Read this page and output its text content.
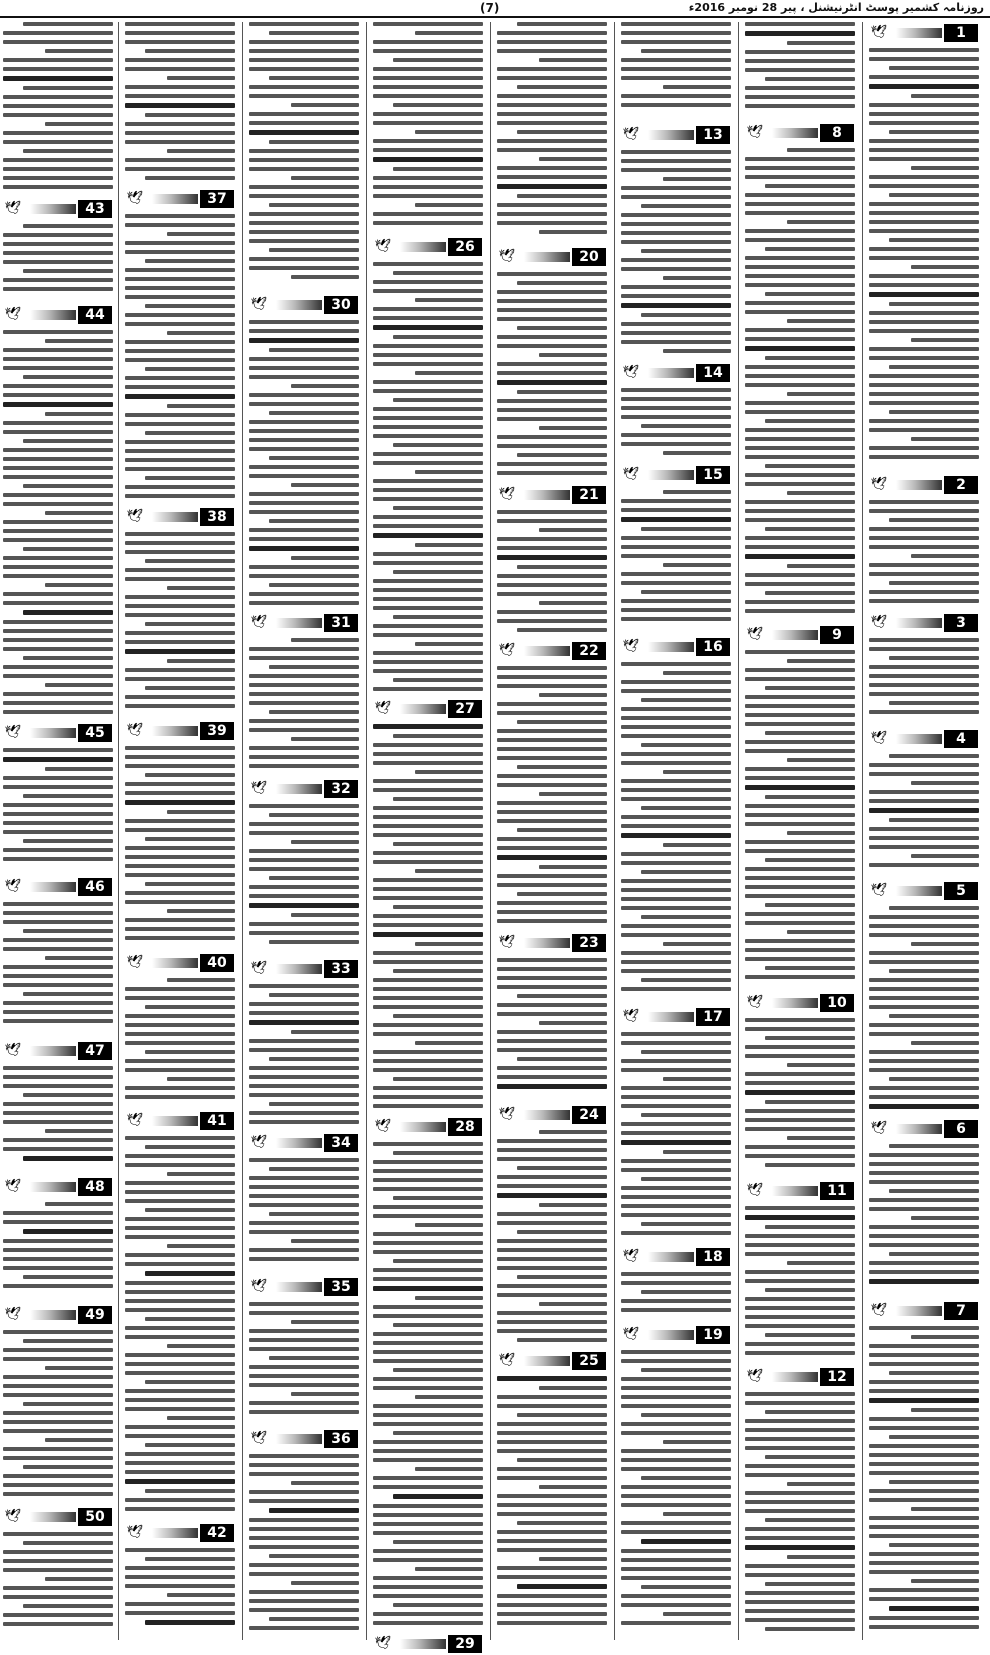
(7)	روزنامہ کشمیر پوسٹ انٹرنیشنل ، پیر 28 نومبر 2016ء
1
🕊
2
🕊
3
🕊
4
🕊
5
🕊
6
🕊
7
🕊
8
🕊
9
🕊
10
🕊
11
🕊
12
🕊
13
🕊
14
🕊
15
🕊
16
🕊
17
🕊
18
🕊
19
🕊
20
🕊
21
🕊
22
🕊
23
🕊
24
🕊
25
🕊
26
🕊
27
🕊
28
🕊
29
🕊
30
🕊
31
🕊
32
🕊
33
🕊
34
🕊
35
🕊
36
🕊
37
🕊
38
🕊
39
🕊
40
🕊
41
🕊
42
🕊
43
🕊
44
🕊
45
🕊
46
🕊
47
🕊
48
🕊
49
🕊
50
🕊
